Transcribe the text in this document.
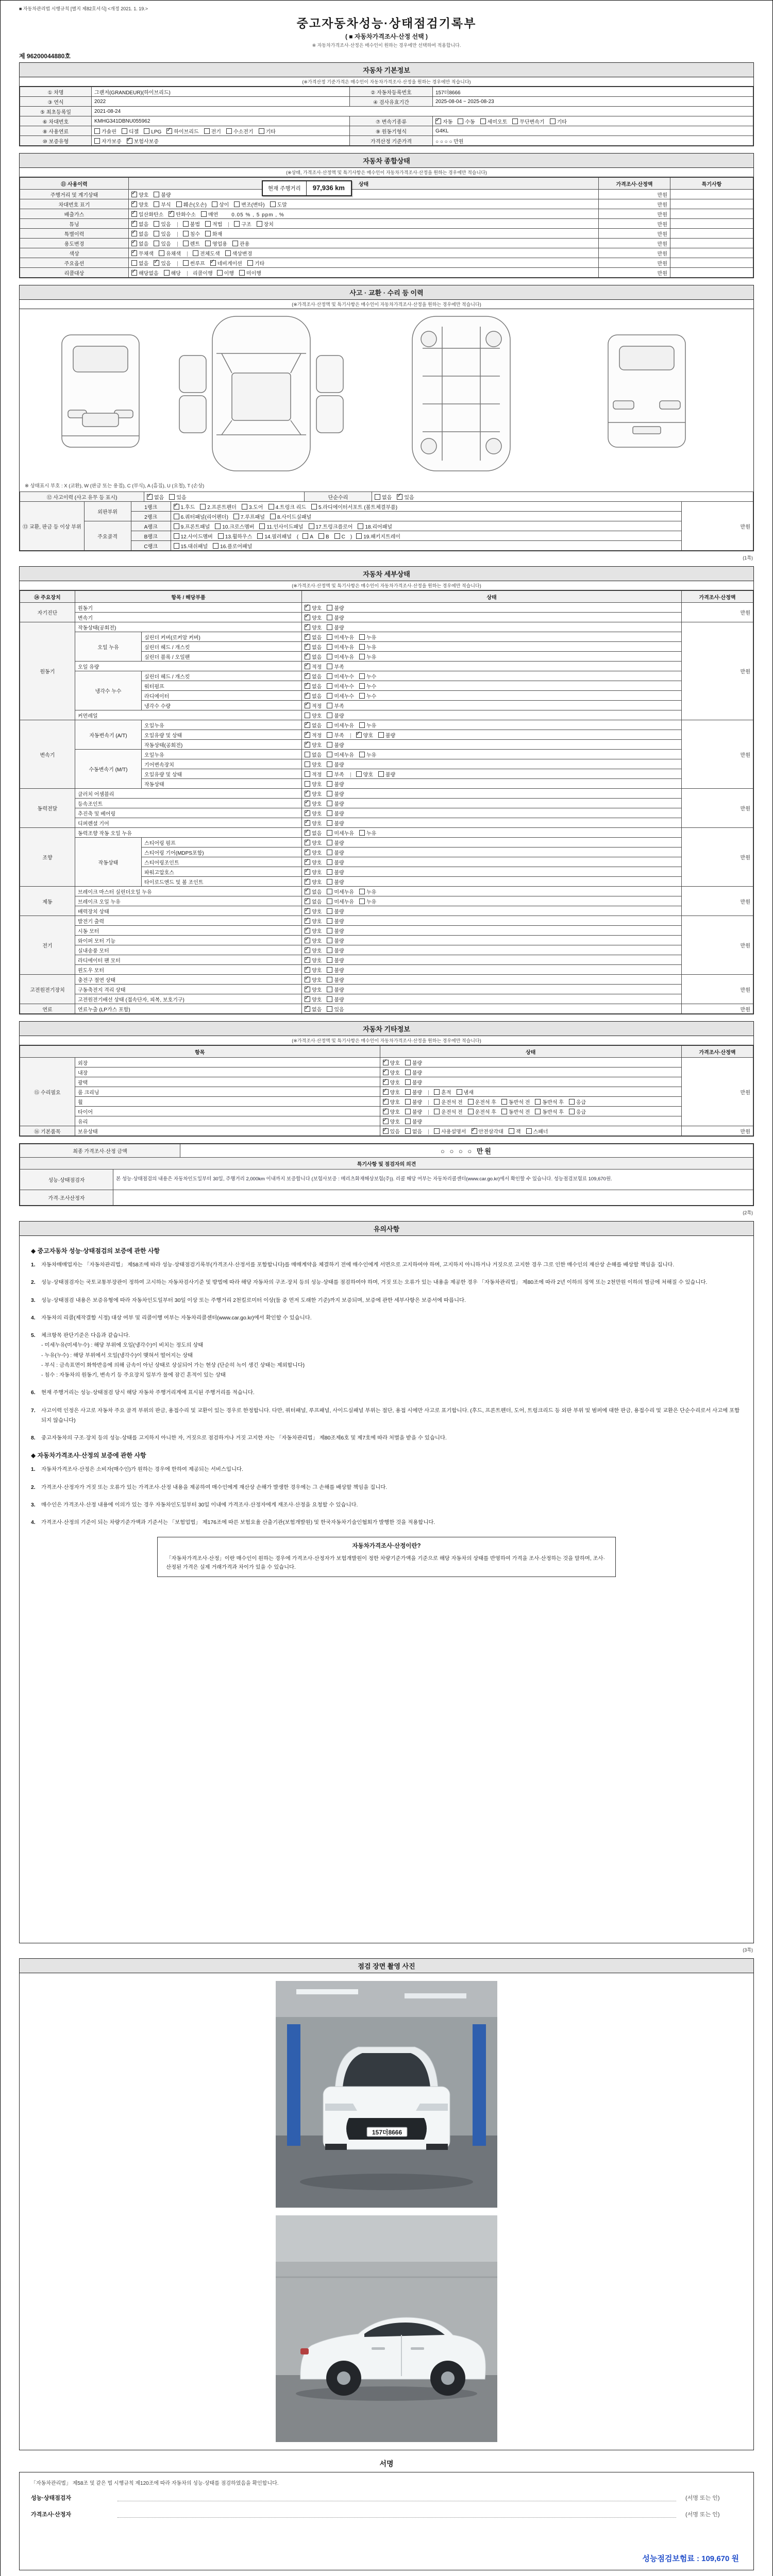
■ 자동차관리법 시행규칙 [별지 제82호서식] <개정 2021. 1. 19.>
중고자동차성능·상태점검기록부
( ■ 자동차가격조사·산정 선택 )
※ 자동차가격조사·산정은 매수인이 원하는 경우에만 선택하여 적용합니다.
제 96200044880호
자동차 기본정보
(※가격산정 기준가격은 매수인이 자동차가격조사·산정을 원하는 경우에만 적습니다)
① 차명	그랜저(GRANDEUR)(하이브리드)	② 자동차등록번호	157더8666
③ 연식	2022	④ 검사유효기간	2025-08-04 ~ 2025-08-23
⑤ 최초등록일	2021-08-24		
⑥ 차대번호	KMHG341DBNU055962	⑦ 변속기종류	✓자동 수동 세미오토 무단변속기 기타
⑧ 사용연료	가솔린 디젤 LPG ✓ 하이브리드 전기 수소전기 기타	⑨ 원동기형식	G4KL
⑩ 보증유형	자가보증 ✓ 보험사보증	가격산정 기준가격	○ ○ ○ ○ 만원
자동차 종합상태
(※상태, 가격조사·산정액 및 특기사항은 매수인이 자동차가격조사·산정을 원하는 경우에만 적습니다)
현재 주행거리	97,936 km
⑪ 사용이력	상태	가격조사·산정액	특기사항
주행거리 및 계기상태	✓양호 불량	만원	
차대번호 표기	✓양호 부식 훼손(오손) 상이 변조(변타) 도말	만원	
배출가스	✓일산화탄소 ✓ 탄화수소 매연 0.05 % , 5 ppm , %	만원	
튜닝	✓없음 있음 불법 적법 구조 장치	만원	
특별이력	✓없음 있음 침수 화재	만원	
용도변경	✓없음 있음 렌트 영업용 관용	만원	
색상	✓무채색 유채색 전체도색 색상변경	만원	
주요옵션	없음 ✓ 있음 썬루프 ✓ 네비게이션 기타	만원	
리콜대상	✓해당없음 해당 리콜이행 이행 미이행	만원	
사고 · 교환 · 수리 등 이력
(※가격조사·산정액 및 특기사항은 매수인이 자동차가격조사·산정을 원하는 경우에만 적습니다)
※ 상태표시 부호 : X (교환), W (판금 또는 용접), C (부식), A (흠집), U (요철), T (손상)
⑫ 사고이력 (사고 유무 등 표시)	✓없음 있음	단순수리	없음 ✓ 있음
⑬ 교환, 판금 등 이상 부위	외판부위	1랭크	✓1.후드 2.프론트펜더 3.도어 4.트렁크 리드 5.라디에이터서포트 (볼트체결부품)	만원
		2랭크	6.쿼터패널(리어펜더) 7.루프패널 8.사이드실패널	
	주요골격	A랭크	9.프론트패널 10.크로스멤버 11.인사이드패널 17.트렁크플로어 18.리어패널	
		B랭크	12.사이드멤버 13.휠하우스 14.필러패널 ( A B C ) 19.패키지트레이	
		C랭크	15.대쉬패널 16.플로어패널	
(1쪽)
자동차 세부상태
(※가격조사·산정액 및 특기사항은 매수인이 자동차가격조사·산정을 원하는 경우에만 적습니다)
⑭ 주요장치	항목 / 해당부품		상태	가격조사·산정액
자기진단	원동기	✓양호 불량	만원
	변속기	✓양호 불량
원동기	작동상태(공회전)	✓양호 불량	만원
	오일 누유	실린더 커버(로커암 커버)	✓없음 미세누유 누유
		실린더 헤드 / 개스킷	✓없음 미세누유 누유
		실린더 블록 / 오일팬	✓없음 미세누유 누유
	오일 유량	✓적정 부족
	냉각수 누수	실린더 헤드 / 개스킷	✓없음 미세누수 누수
		워터펌프	✓없음 미세누수 누수
		라디에이터	✓없음 미세누수 누수
		냉각수 수량	✓적정 부족
	커먼레일		양호 불량	
변속기	자동변속기 (A/T)	오일누유	✓없음 미세누유 누유	만원
		오일유량 및 상태	✓적정 부족 ✓ 양호 불량
		작동상태(공회전)	✓양호 불량
	수동변속기 (M/T)	오일누유	없음 미세누유 누유	
		기어변속장치	양호 불량	
		오일유량 및 상태	적정 부족 양호 불량	
		작동상태	양호 불량	
동력전달	클러치 어셈블리	✓양호 불량	만원
	등속조인트	✓양호 불량
	추진축 및 베어링	✓양호 불량
	디퍼렌셜 기어	✓양호 불량
조향	동력조향 작동 오일 누유	✓없음 미세누유 누유	만원
	작동상태	스티어링 펌프	✓양호 불량
		스티어링 기어(MDPS포함)	✓양호 불량
		스티어링조인트	✓양호 불량
		파워고압호스	✓양호 불량
		타이로드엔드 및 볼 조인트	✓양호 불량
제동	브레이크 마스터 실린더오일 누유	✓없음 미세누유 누유	만원
	브레이크 오일 누유	✓없음 미세누유 누유
	배력장치 상태	✓양호 불량
전기	발전기 출력	✓양호 불량	만원
	시동 모터	✓양호 불량
	와이퍼 모터 기능	✓양호 불량
	실내송풍 모터	✓양호 불량
	라디에이터 팬 모터	✓양호 불량
	윈도우 모터	✓양호 불량
고전원전기장치	충전구 절연 상태	✓양호 불량	만원
	구동축전지 격리 상태	✓양호 불량
	고전원전기배선 상태 (접속단자, 피복, 보호기구)	✓양호 불량
연료	연료누출 (LP가스 포함)	✓없음 있음	만원
자동차 기타정보
(※가격조사·산정액 및 특기사항은 매수인이 자동차가격조사·산정을 원하는 경우에만 적습니다)
항목		상태	가격조사·산정액
⑮ 수리필요	외장	✓양호 불량	만원
	내장	✓양호 불량
	광택	✓양호 불량
	룸 크리닝	✓양호 불량 흔적 냄새
	휠	✓양호 불량 운전석 전 운전석 후 동반석 전 동반석 후 응급
	타이어	✓양호 불량 운전석 전 운전석 후 동반석 전 동반석 후 응급
	유리	✓양호 불량
⑯ 기본품목	보유상태	✓있음 없음 사용설명서 ✓ 안전삼각대 잭 스패너	만원
최종 가격조사·산정 금액	○ ○ ○ ○ 만원
특기사항 및 점검자의 의견	
성능·상태점검자	본 성능·상태점검의 내용은 자동차인도일부터 30일, 주행거리 2,000km 이내까지 보증합니다 (보험사보증 : 메리츠화재해상보험(주)). 리콜 해당 여부는 자동차리콜센터(www.car.go.kr)에서 확인할 수 있습니다. 성능점검보험료 109,670원.
가격·조사산정자	
(2쪽)
유의사항
◆ 중고자동차 성능·상태점검의 보증에 관한 사항
1.	자동차매매업자는 「자동차관리법」 제58조에 따라 성능·상태점검기록부(가격조사·산정서를 포함합니다)를 매매계약을 체결하기 전에 매수인에게 서면으로 고지하여야 하며, 고지하지 아니하거나 거짓으로 고지한 경우 그로 인한 매수인의 재산상 손해를 배상할 책임을 집니다.
2.	성능·상태점검자는 국토교통부장관이 정하여 고시하는 자동차검사기준 및 방법에 따라 해당 자동차의 구조·장치 등의 성능·상태를 점검하여야 하며, 거짓 또는 오류가 있는 내용을 제공한 경우 「자동차관리법」 제80조에 따라 2년 이하의 징역 또는 2천만원 이하의 벌금에 처해질 수 있습니다.
3.	성능·상태점검 내용은 보증유형에 따라 자동차인도일부터 30일 이상 또는 주행거리 2천킬로미터 이상(둘 중 먼저 도래한 기준)까지 보증되며, 보증에 관한 세부사항은 보증서에 따릅니다.
4.	자동차의 리콜(제작결함 시정) 대상 여부 및 리콜이행 여부는 자동차리콜센터(www.car.go.kr)에서 확인할 수 있습니다.
5.	체크항목 판단기준은 다음과 같습니다.
- 미세누유(미세누수) : 해당 부위에 오일(냉각수)이 비치는 정도의 상태
- 누유(누수) : 해당 부위에서 오일(냉각수)이 맺혀서 떨어지는 상태
- 부식 : 금속표면이 화학반응에 의해 금속이 아닌 상태로 상실되어 가는 현상 (단순히 녹이 생긴 상태는 제외합니다)
- 침수 : 자동차의 원동기, 변속기 등 주요장치 일부가 물에 잠긴 흔적이 있는 상태
6.	현재 주행거리는 성능·상태점검 당시 해당 자동차 주행거리계에 표시된 주행거리를 적습니다.
7.	사고이력 인정은 사고로 자동차 주요 골격 부위의 판금, 용접수리 및 교환이 있는 경우로 한정합니다. 다만, 쿼터패널, 루프패널, 사이드실패널 부위는 절단, 용접 시에만 사고로 표기합니다. (후드, 프론트펜더, 도어, 트렁크리드 등 외판 부위 및 범퍼에 대한 판금, 용접수리 및 교환은 단순수리로서 사고에 포함되지 않습니다)
8.	중고자동차의 구조·장치 등의 성능·상태를 고지하지 아니한 자, 거짓으로 점검하거나 거짓 고지한 자는 「자동차관리법」 제80조제6호 및 제7호에 따라 처벌을 받을 수 있습니다.
◆ 자동차가격조사·산정의 보증에 관한 사항
1.	자동차가격조사·산정은 소비자(매수인)가 원하는 경우에 한하여 제공되는 서비스입니다.
2.	가격조사·산정자가 거짓 또는 오류가 있는 가격조사·산정 내용을 제공하여 매수인에게 재산상 손해가 발생한 경우에는 그 손해를 배상할 책임을 집니다.
3.	매수인은 가격조사·산정 내용에 이의가 있는 경우 자동차인도일부터 30일 이내에 가격조사·산정자에게 재조사·산정을 요청할 수 있습니다.
4.	가격조사·산정의 기준이 되는 차량기준가액과 기준서는 「보험업법」 제176조에 따른 보험요율 산출기관(보험개발원) 및 한국자동차기술인협회가 발행한 것을 적용합니다.
자동차가격조사·산정이란?
「자동차가격조사·산정」이란 매수인이 원하는 경우에 가격조사·산정자가 보험개발원이 정한 차량기준가액을 기준으로 해당 자동차의 상태를 반영하여 가격을 조사·산정하는 것을 말하며, 조사·산정된 가격은 실제 거래가격과 차이가 있을 수 있습니다.
(3쪽)
점검 장면 촬영 사진
157더8666
서명
「자동차관리법」 제58조 및 같은 법 시행규칙 제120조에 따라 자동차의 성능·상태를 점검하였음을 확인합니다.
성능·상태점검자	(서명 또는 인)
가격조사·산정자	(서명 또는 인)
성능점검보험료 : 109,670 원
